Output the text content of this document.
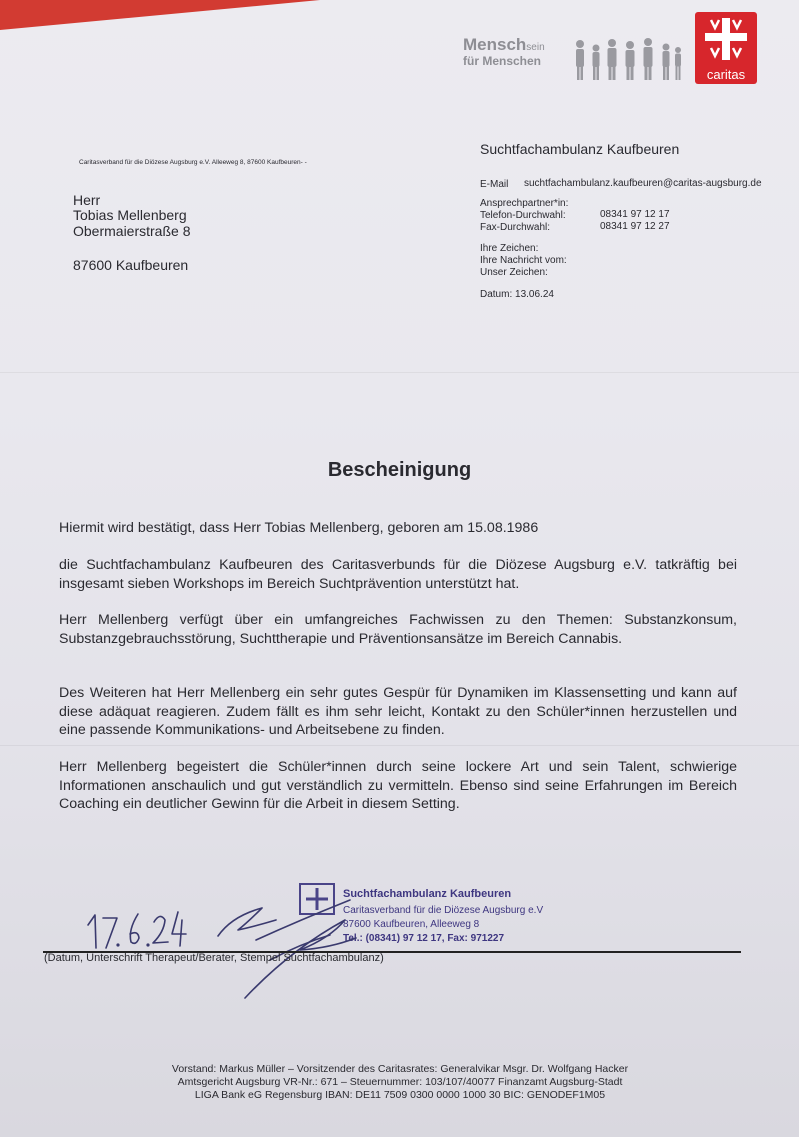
Menschsein
für Menschen
caritas
Caritasverband für die Diözese Augsburg e.V. Alleeweg 8, 87600 Kaufbeuren- -
Herr
Tobias Mellenberg
Obermaierstraße 8
87600 Kaufbeuren
Suchtfachambulanz Kaufbeuren
E-Mail suchtfachambulanz.kaufbeuren@caritas-augsburg.de
Ansprechpartner*in:
Telefon-Durchwahl:	08341 97 12 17
Fax-Durchwahl:	08341 97 12 27
Ihre Zeichen:
Ihre Nachricht vom:
Unser Zeichen:
Datum: 13.06.24
Bescheinigung
Hiermit wird bestätigt, dass Herr Tobias Mellenberg, geboren am 15.08.1986
die Suchtfachambulanz Kaufbeuren des Caritasverbunds für die Diözese Augsburg e.V. tatkräftig bei insgesamt sieben Workshops im Bereich Suchtprävention unterstützt hat.
Herr Mellenberg verfügt über ein umfangreiches Fachwissen zu den Themen: Substanzkonsum, Substanzgebrauchsstörung, Suchttherapie und Präventionsansätze im Bereich Cannabis.
Des Weiteren hat Herr Mellenberg ein sehr gutes Gespür für Dynamiken im Klassensetting und kann auf diese adäquat reagieren. Zudem fällt es ihm sehr leicht, Kontakt zu den Schüler*innen herzustellen und eine passende Kommunikations- und Arbeitsebene zu finden.
Herr Mellenberg begeistert die Schüler*innen durch seine lockere Art und sein Talent, schwierige Informationen anschaulich und gut verständlich zu vermitteln. Ebenso sind seine Erfahrungen im Bereich Coaching ein deutlicher Gewinn für die Arbeit in diesem Setting.
Suchtfachambulanz Kaufbeuren
Caritasverband für die Diözese Augsburg e.V
87600 Kaufbeuren, Alleeweg 8
Tel.: (08341) 97 12 17, Fax: 971227
(Datum, Unterschrift Therapeut/Berater, Stempel Suchtfachambulanz)
Vorstand: Markus Müller – Vorsitzender des Caritasrates: Generalvikar Msgr. Dr. Wolfgang Hacker
Amtsgericht Augsburg VR-Nr.: 671 – Steuernummer: 103/107/40077 Finanzamt Augsburg-Stadt
LIGA Bank eG Regensburg IBAN: DE11 7509 0300 0000 1000 30 BIC: GENODEF1M05
